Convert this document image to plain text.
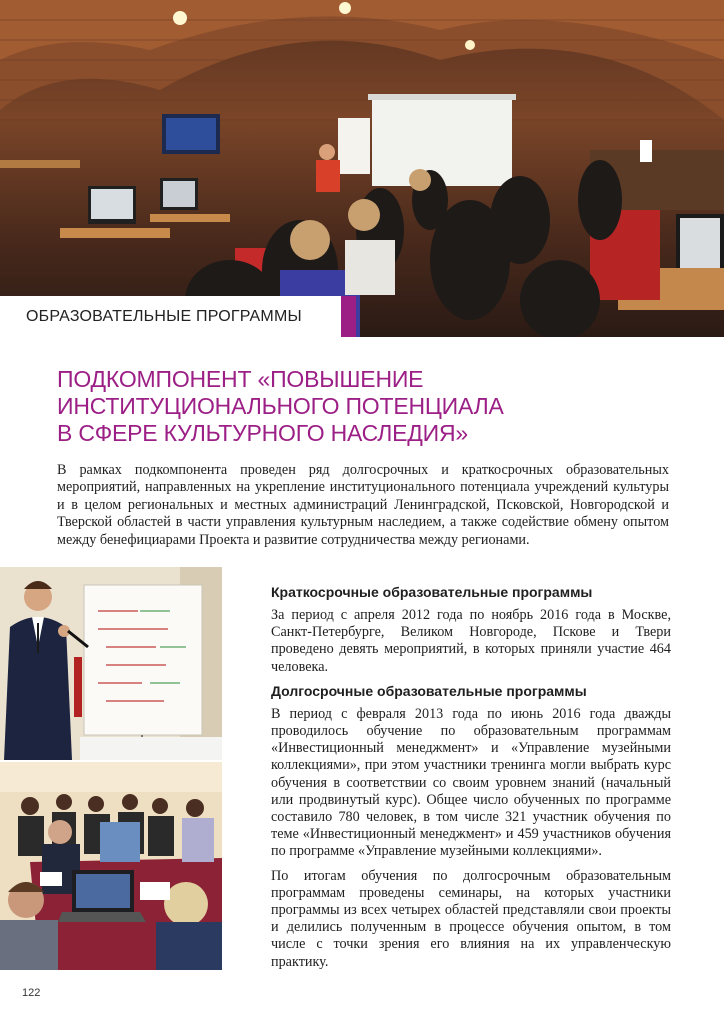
ОБРАЗОВАТЕЛЬНЫЕ ПРОГРАММЫ
ПОДКОМПОНЕНТ «ПОВЫШЕНИЕ
ИНСТИТУЦИОНАЛЬНОГО ПОТЕНЦИАЛА
В СФЕРЕ КУЛЬТУРНОГО НАСЛЕДИЯ»
В рамках подкомпонента проведен ряд долгосрочных и краткосрочных образовательных мероприятий, направленных на укрепление институционального потенциала учреждений культуры и в целом региональных и местных администраций Ленинградской, Псковской, Новгородской и Тверской областей в части управления культурным наследием, а также содействие обмену опытом между бенефициарами Проекта и развитие сотрудничества между регионами.
Краткосрочные образовательные программы

За период с апреля 2012 года по ноябрь 2016 года в Москве, Санкт-Петербурге, Великом Новгороде, Пскове и Твери проведено девять мероприятий, в которых приняли участие 464 человека.

Долгосрочные образовательные программы

В период с февраля 2013 года по июнь 2016 года дважды проводилось обучение по образовательным программам «Инвестиционный менеджмент» и «Управление музейными коллекциями», при этом участники тренинга могли выбрать курс обучения в соответствии со своим уровнем знаний (начальный или продвинутый курс). Общее число обученных по программе составило 780 человек, в том числе 321 участник обучения по теме «Инвестиционный менеджмент» и 459 участников обучения по программе «Управление музейными коллекциями».

По итогам обучения по долгосрочным образовательным программам проведены семинары, на которых участники программы из всех четырех областей представляли свои проекты и делились полученным в процессе обучения опытом, в том числе с точки зрения его влияния на их управленческую практику.

122
